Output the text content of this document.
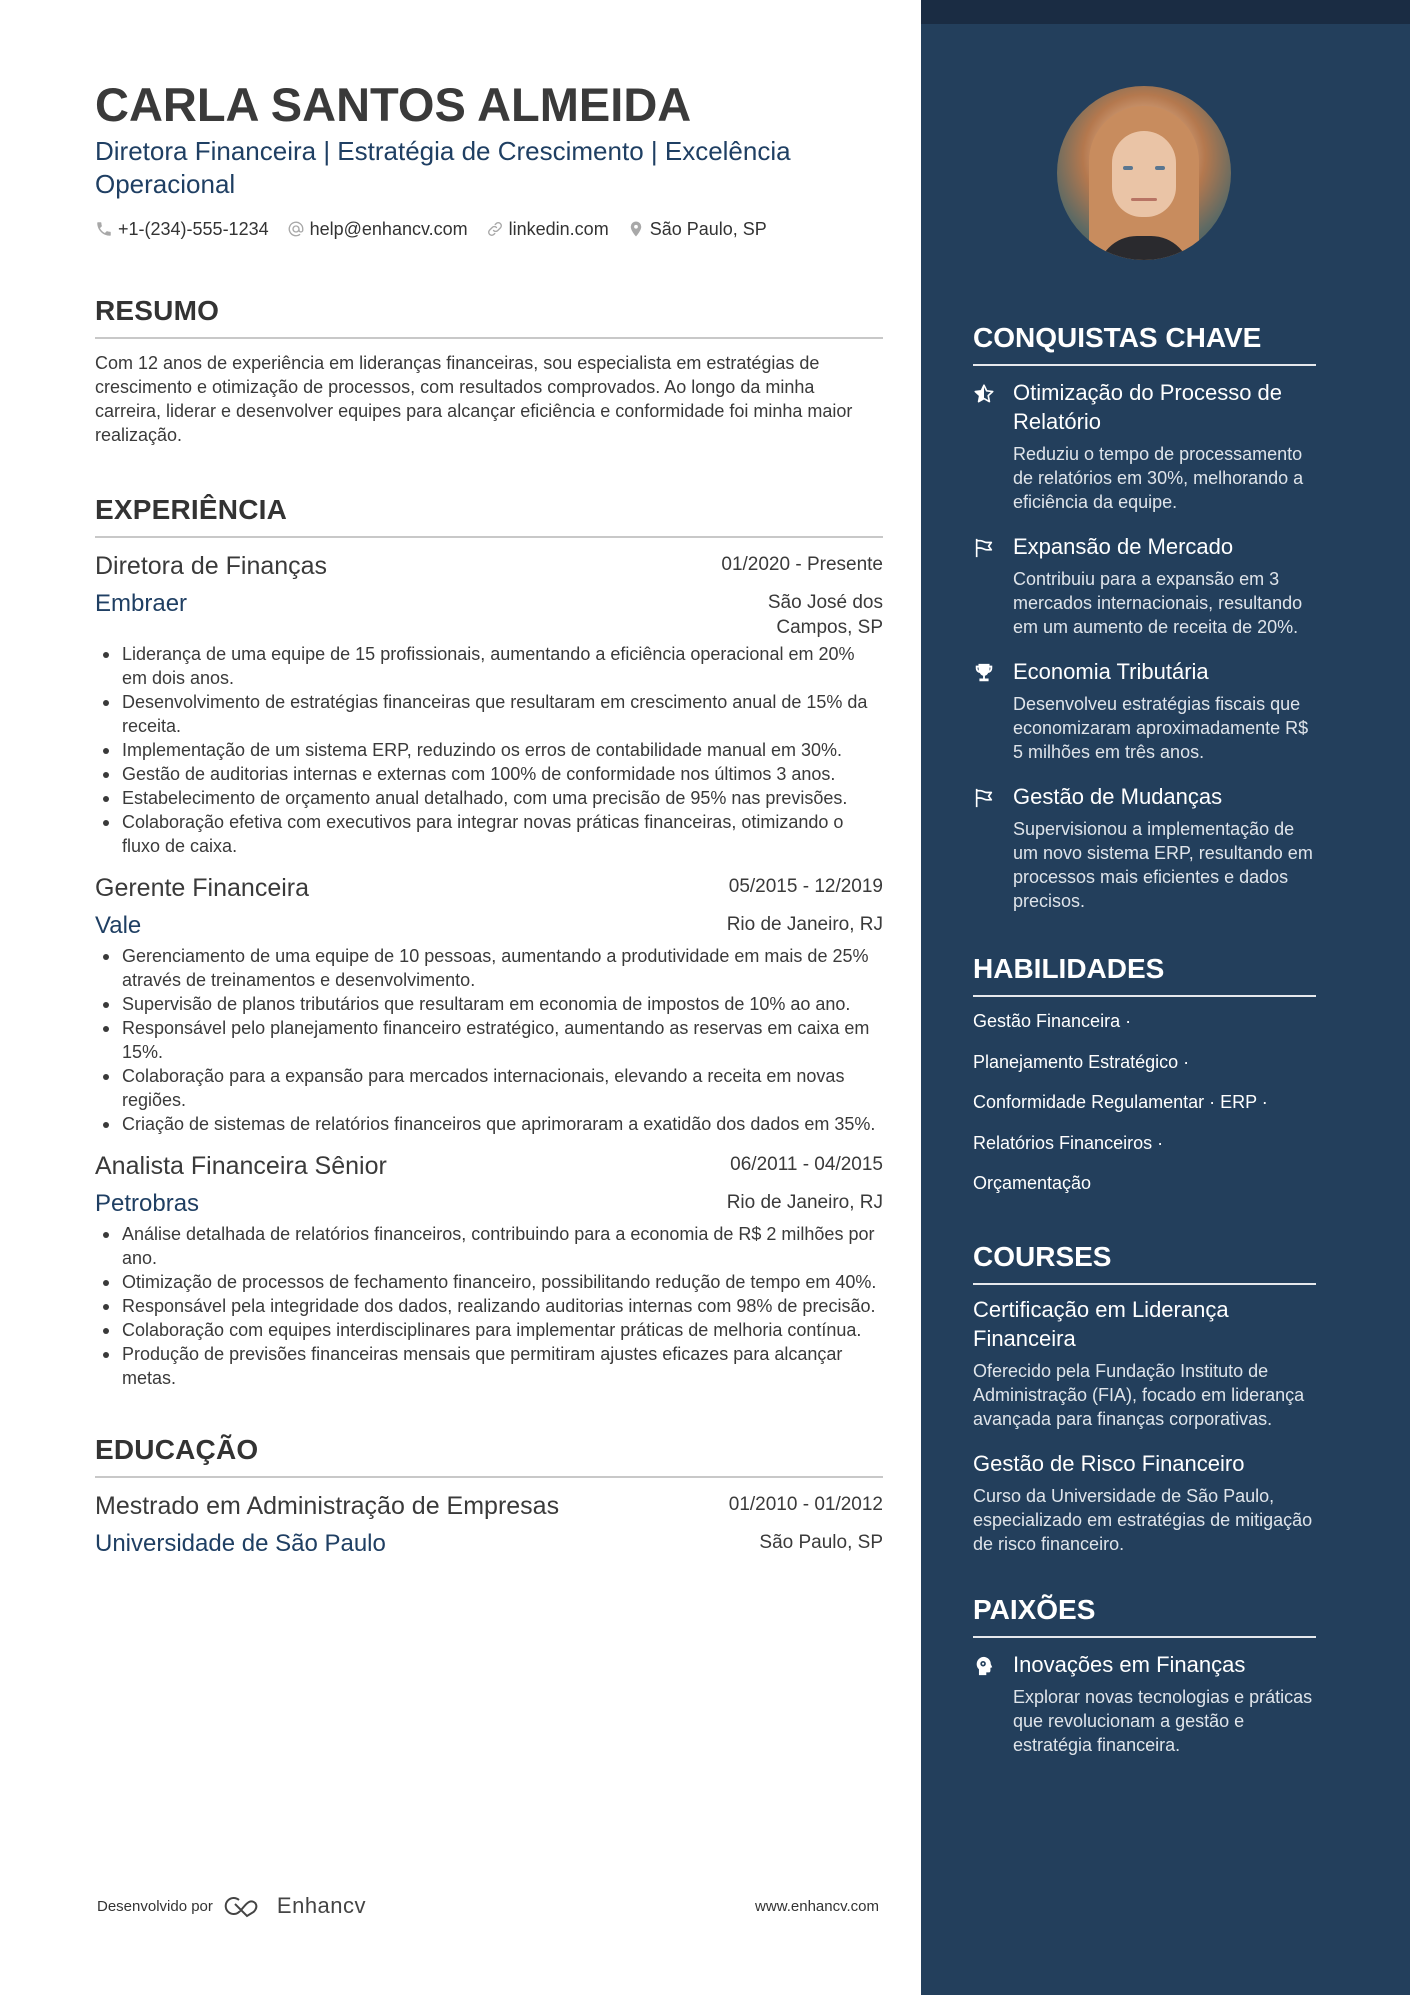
CARLA SANTOS ALMEIDA
Diretora Financeira | Estratégia de Crescimento | Excelência Operacional
+1-(234)-555-1234 help@enhancv.com linkedin.com São Paulo, SP
RESUMO

Com 12 anos de experiência em lideranças financeiras, sou especialista em estratégias de crescimento e otimização de processos, com resultados comprovados. Ao longo da minha carreira, liderar e desenvolver equipes para alcançar eficiência e conformidade foi minha maior realização.

EXPERIÊNCIA
Diretora de Finanças	01/2020 - Presente
Embraer	São José dos Campos, SP
Liderança de uma equipe de 15 profissionais, aumentando a eficiência operacional em 20% em dois anos.
Desenvolvimento de estratégias financeiras que resultaram em crescimento anual de 15% da receita.
Implementação de um sistema ERP, reduzindo os erros de contabilidade manual em 30%.
Gestão de auditorias internas e externas com 100% de conformidade nos últimos 3 anos.
Estabelecimento de orçamento anual detalhado, com uma precisão de 95% nas previsões.
Colaboração efetiva com executivos para integrar novas práticas financeiras, otimizando o fluxo de caixa.
Gerente Financeira	05/2015 - 12/2019
Vale	Rio de Janeiro, RJ
Gerenciamento de uma equipe de 10 pessoas, aumentando a produtividade em mais de 25% através de treinamentos e desenvolvimento.
Supervisão de planos tributários que resultaram em economia de impostos de 10% ao ano.
Responsável pelo planejamento financeiro estratégico, aumentando as reservas em caixa em 15%.
Colaboração para a expansão para mercados internacionais, elevando a receita em novas regiões.
Criação de sistemas de relatórios financeiros que aprimoraram a exatidão dos dados em 35%.
Analista Financeira Sênior	06/2011 - 04/2015
Petrobras	Rio de Janeiro, RJ
Análise detalhada de relatórios financeiros, contribuindo para a economia de R$ 2 milhões por ano.
Otimização de processos de fechamento financeiro, possibilitando redução de tempo em 40%.
Responsável pela integridade dos dados, realizando auditorias internas com 98% de precisão.
Colaboração com equipes interdisciplinares para implementar práticas de melhoria contínua.
Produção de previsões financeiras mensais que permitiram ajustes eficazes para alcançar metas.
EDUCAÇÃO
Mestrado em Administração de Empresas	01/2010 - 01/2012
Universidade de São Paulo	São Paulo, SP
Desenvolvido por	Enhancv	www.enhancv.com
CONQUISTAS CHAVE
Otimização do Processo de Relatório
Reduziu o tempo de processamento de relatórios em 30%, melhorando a eficiência da equipe.
Expansão de Mercado
Contribuiu para a expansão em 3 mercados internacionais, resultando em um aumento de receita de 20%.
Economia Tributária
Desenvolveu estratégias fiscais que economizaram aproximadamente R$ 5 milhões em três anos.
Gestão de Mudanças
Supervisionou a implementação de um novo sistema ERP, resultando em processos mais eficientes e dados precisos.
HABILIDADES
Gestão Financeira ·
Planejamento Estratégico ·
Conformidade Regulamentar · ERP ·
Relatórios Financeiros ·
Orçamentação
COURSES
Certificação em Liderança Financeira
Oferecido pela Fundação Instituto de Administração (FIA), focado em liderança avançada para finanças corporativas.
Gestão de Risco Financeiro
Curso da Universidade de São Paulo, especializado em estratégias de mitigação de risco financeiro.
PAIXÕES
Inovações em Finanças
Explorar novas tecnologias e práticas que revolucionam a gestão e estratégia financeira.
